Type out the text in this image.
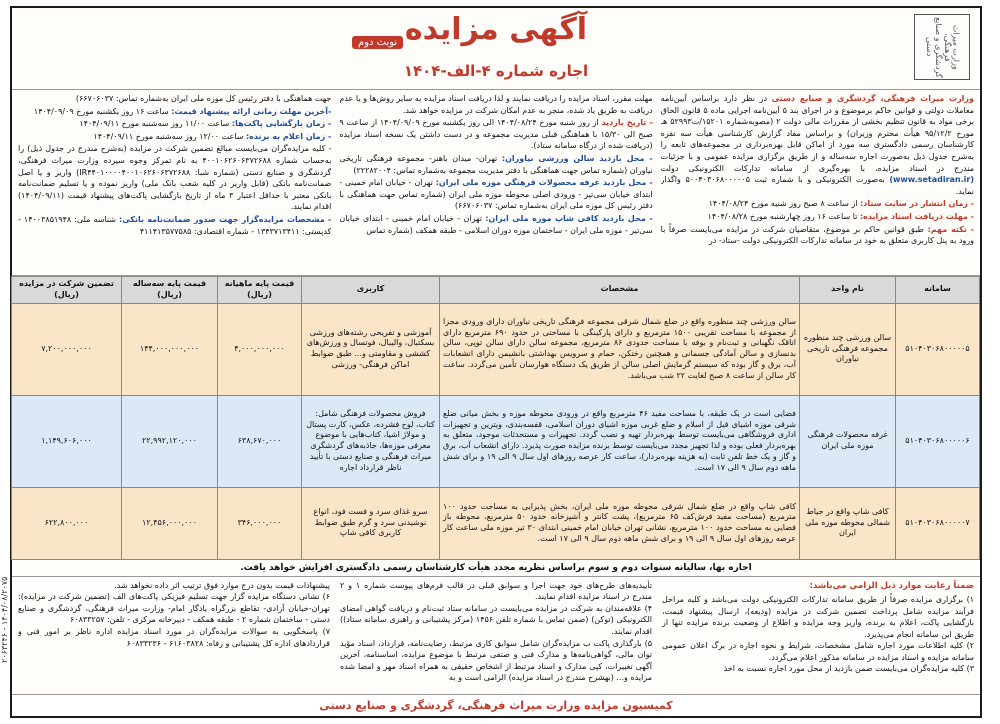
۲۰۶۳۲۴۶ - ۱۴۰۴/۰۸/۲۰۷۵
وزارت میراث فرهنگی، گردشگری و صنایع دستی
آگهی مزایده
نوبت دوم
اجاره شماره ۴-الف-۱۴۰۴

وزارت میراث فرهنگی، گردشگری و صنایع دستی در نظر دارد براساس آیین‌نامه معاملات دولتی و قوانین حاکم برموضوع و در اجرای بند ۵ آیین‌نامه اجرایی ماده ۵ قانون الحاق برخی مواد به قانون تنظیم بخشی از مقررات مالی دولت ۲ (مصوبه‌شماره ۱۵۲۰۱/ت۵۲۹۹۳ هـ مورخ ۹۵/۱۲/۲ هیأت محترم وزیران) و براساس مفاد گزارش کارشناسی هیأت سه نفره کارشناسان رسمی دادگستری سه مورد از اماکن قابل بهره‌برداری در مجموعه‌های تابعه را به‌شرح جدول ذیل به‌صورت اجاره سه‌ساله و از طریق برگزاری مزایده عمومی و با جزئیات مندرج در اسناد مزایده، با بهره‌گیری از سامانه تدارکات الکترونیکی دولت (www.setadiran.ir) به‌صورت الکترونیکی و با شماره ثبت ۵۰۰۴۰۳۰۶۸۰۰۰۰۰۵ واگذار نماید.

- زمان انتشار در سایت ستاد: از ساعت ۸ صبح روز شنبه مورخ ۱۴۰۴/۰۸/۲۴

- مهلت دریافت اسناد مزایده: تا ساعت ۱۶ روز چهارشنبه مورخ ۱۴۰۴/۰۸/۲۸

- نکته مهم: طبق قوانین حاکم بر موضوع، متقاضیان شرکت در مزایده می‌بایست صرفاً با ورود به پنل کاربری متعلق به خود در سامانه تدارکات الکترونیکی دولت -ستاد- در

مهلت مقرر، اسناد مزایده را دریافت نمایند و لذا دریافت اسناد مزایده به سایر روش‌ها و یا عدم دریافت به طریق یاد شده، منجر به عدم امکان شرکت در مزایده خواهد شد.

- تاریخ بازدید از روز شنبه مورخ ۱۴۰۴/۰۸/۲۴ الی روز یکشنبه مورخ ۱۴۰۴/۰۹/۰۹ از ساعت ۹ صبح الی ۱۵/۳۰ با هماهنگی قبلی مدیریت مجموعه و در دست داشتن یک نسخه اسناد مزایده (دریافت شده از درگاه سامانه ستاد).

- محل بازدید سالن ورزشی نیاوران: تهران- میدان باهنر- مجموعه فرهنگی تاریخی نیاوران (شماره تماس جهت هماهنگی با دفتر مدیریت مجموعه به‌شماره تماس: ۲۲۲۸۲۰۰۴)

- محل بازدید غرفه محصولات فرهنگی موزه ملی ایران: تهران - خیابان امام خمینی - ابتدای خیابان سی‌تیر - ورودی اصلی محوطه موزه ملی ایران (شماره تماس جهت هماهنگی با دفتر رئیس کل موزه ملی ایران به‌شماره تماس: ۶۶۷۰۶۰۳۷)

- محل بازدید کافی شاپ موزه ملی ایران: تهران - خیابان امام خمینی - ابتدای خیابان سی‌تیر - موزه ملی ایران - ساختمان موزه دوران اسلامی - طبقه همکف (شماره تماس

جهت هماهنگی با دفتر رئیس کل موزه ملی ایران به‌شماره تماس: ۶۶۷۰۶۰۳۷)

-آخرین مهلت زمانی ارائه پیشنهاد قیمت: ساعت ۱۶ روز یکشنبه مورخ ۱۴۰۴/۰۹/۰۹

- زمان بازگشایی پاکت‌ها: ساعت ۱۱/۰۰ روز سه‌شنبه مورخ ۱۴۰۴/۰۹/۱۱

- زمان اعلام به برنده: ساعت ۱۲/۰۰ روز سه‌شنبه مورخ ۱۴۰۴/۰۹/۱۱

- کلیه مزایده‌گران می‌بایست مبالغ تضمین شرکت در مزایده (به‌شرح مندرج در جدول ذیل) را به‌حساب شماره ۴۰۰۱۰۶۲۶۰۶۳۷۲۶۸۸ به نام تمرکز وجوه سپرده وزارت میراث فرهنگی، گردشگری و صنایع دستی (شماره شبا: IR۴۴۰۱۰۰۰۰۴۰۰۱۰۶۲۶۰۶۳۷۲۶۸۸) واریز و یا اصل ضمانت‌نامه بانکی (قابل واریز در کلیه شعب بانک ملی) واریز نموده و یا تسلیم ضمانت‌نامه بانکی معتبر با حداقل اعتبار ۳ ماه از تاریخ بازگشایی پاکت‌های پیشنهاد قیمت (۱۴۰۴/۰۹/۱۱) اقدام نمایند.

- مشخصات مزایده‌گزار جهت صدور ضمانت‌نامه بانکی: شناسه ملی: ۱۴۰۰۳۸۵۱۹۴۸ - کدپستی: ۱۳۴۳۷۱۳۴۱۱ - شماره اقتصادی: ۴۱۱۴۱۳۵۷۷۵۸۵

سامانه	نام واحد	مشخصات	کاربری	قیمت پایه ماهیانه (ریال)	قیمت پایه سه‌ساله (ریال)	تضمین شرکت در مزایده (ریال)
۵۱۰۴۰۳۰۶۸۰۰۰۰۰۵	سالن ورزشی چند منظوره مجموعه فرهنگی تاریخی نیاوران	سالن ورزشی چند منظوره واقع در ضلع شمال شرقی مجموعه فرهنگی تاریخی نیاوران دارای ورودی مجزا از مجموعه با مساحت تقریبی ۱۵۰۰ مترمربع و دارای پارکینگی با مساحتی در حدود ۶۹۰ مترمربع دارای اتاقک نگهبانی و ثبت‌نام و بوفه با مساحت حدودی ۸۶ مترمربع، مجموعه سالن دارای سالن توپی، سالن بدنسازی و سالن آمادگی جسمانی و همچنین رختکن، حمام و سرویس بهداشتی بانشیمن دارای انشعابات آب، برق و گاز بوده که سیستم گرمایش اصلی سالن از طریق یک دستگاه هوارسان تأمین می‌گردد. ساعت کار سالن از ساعت ۸ صبح لغایت ۲۲ شب می‌باشد.	آموزشی و تفریحی رشته‌های ورزشی بسکتبال، والیبال، فوتسال و ورزش‌های کششی و مقاومتی و... طبق ضوابط اماکن فرهنگی- ورزشی	۴,۰۰۰,۰۰۰,۰۰۰	۱۴۴,۰۰۰,۰۰۰,۰۰۰	۷,۲۰۰,۰۰۰,۰۰۰
۵۱۰۴۰۳۰۶۸۰۰۰۰۰۶	غرفه محصولات فرهنگی موزه ملی ایران	فضایی است در یک طبقه، با مساحت مفید ۴۶ مترمربع واقع در ورودی محوطه موزه و بخش میانی ضلع شرقی موزه اشیای قبل از اسلام و ضلع غربی موزه اشیای دوران اسلامی، قفسه‌بندی، ویترین و تجهیزات اداری فروشگاهی می‌بایست توسط بهره‌بردار تهیه و نصب گردد. تجهیزات و مستحدثات موجود، متعلق به بهره‌بردار فعلی بوده و لذا تجهیز مجدد می‌بایست توسط برنده مزایده صورت پذیرد. دارای انشعاب آب، برق و گاز و یک خط تلفن ثابت (به هزینه بهره‌بردار)، ساعت کار عرصه روزهای اول سال ۹ الی ۱۹ و برای شش ماهه دوم سال ۹ الی ۱۷ است.	فروش محصولات فرهنگی شامل: کتاب، لوح فشرده، عکس، کارت پستال و مولاژ اشیا، کتاب‌هایی با موضوع معرفی موزه‌ها، جاذبه‌های گردشگری میراث فرهنگی و صنایع دستی با تأیید ناظر قرارداد اجاره	۶۳۸,۶۷۰,۰۰۰	۲۲,۹۹۲,۱۲۰,۰۰۰	۱,۱۴۹,۶۰۶,۰۰۰
۵۱۰۴۰۳۰۶۸۰۰۰۰۰۷	کافی شاپ واقع در حیاط شمالی محوطه موزه ملی ایران	کافی شاپ واقع در ضلع شمال شرقی محوطه موزه ملی ایران، بخش پذیرایی به مساحت حدود ۱۰۰ مترمربع (مساحت مفید فرش‌کف ۶۵ مترمربع)، پشت کانتر و آشپزخانه حدود ۵۰ مترمربع، محوطه باز فضایی به مساحت حدود ۱۰۰ مترمربع، نشانی تهران خیابان امام خمینی ابتدای ۳۰ تیر موزه ملی ساعت کار عرصه روزهای اول سال ۹ الی ۱۹ و برای شش ماهه دوم سال ۹ الی ۱۷ است.	سرو غذای سرد و فست فود، انواع نوشیدنی سرد و گرم طبق ضوابط کاربری کافی شاپ	۳۴۶,۰۰۰,۰۰۰	۱۲,۴۵۶,۰۰۰,۰۰۰	۶۲۲,۸۰۰,۰۰۰
اجاره بها، سالیانه سنوات دوم و سوم براساس نظریه مجدد هیأت کارشناسان رسمی دادگستری افزایش خواهد یافت.
ضمناً رعایت موارد ذیل الزامی می‌باشد:
۱) برگزاری مزایده صرفاً از طریق سامانه تدارکات الکترونیکی دولت می‌باشد و کلیه مراحل فرآیند مزایده شامل پرداخت تضمین شرکت در مزایده (ودیعه)، ارسال پیشنهاد قیمت، بازگشایی پاکت، اعلام به برنده، واریز وجه مزایده و اطلاع از وضعیت برنده مزایده تنها از طریق این سامانه انجام می‌پذیرد.
۲) کلیه اطلاعات مورد اجاره شامل مشخصات، شرایط و نحوه اجاره در برگ اعلان عمومی سامانه مزایده و اسناد مزایده در سامانه مذکور اعلام می‌گردد.
۳) کلیه مزایده‌گران می‌بایست ضمن بازدید از محل مورد اجاره نسبت به اخذ
تأییدیه‌های طرح‌های خود جهت اجرا و سوابق قبلی در قالب فرم‌های پیوست شماره ۱ و ۲ مندرج در اسناد مزایده اقدام نمایند.
۴) علاقه‌مندان به شرکت در مزایده می‌بایست در سامانه ستاد ثبت‌نام و دریافت گواهی امضای الکترونیکی (توکن) (ضمن تماس با شماره تلفن ۱۴۵۶ (مرکز پشتیبانی و راهبری سامانه ستاد)) اقدام نمایند.
۵) بارگذاری پاکت ب مزایده‌گران شامل سوابق کاری مرتبط، رضایت‌نامه، قرارداد، اسناد مؤید توان مالی، گواهی‌نامه‌ها و مدارک فنی و صنفی مرتبط با موضوع مزایده، اساسنامه، آخرین آگهی تغییرات، کپی مدارک و اسناد مرتبط از اشخاص حقیقی به همراه اسناد مهر و امضا شده مزایده و... (بهشرح مندرج در اسناد مزایده) الزامی است و به
پیشنهادات قیمت بدون درج موارد فوق ترتیب اثر داده نخواهد شد.
۶) نشانی دستگاه مزایده گزار جهت تسلیم فیزیکی پاکت‌های الف (تضمین شرکت در مزایده): تهران-خیابان آزادی- تقاطع بزرگراه یادگار امام- وزارت میراث فرهنگی، گردشگری و صنایع دستی - ساختمان شماره ۲ - طبقه همکف - دبیرخانه مرکزی - تلفن: ۶۰۸۳۳۲۵۷
۷) پاسخگویی به سوالات مزایده‌گران در مورد اسناد مزایده اداره ناظر بر امور فنی و قراردادهای اداره کل پشتیبانی و رفاه: ۶۱۶۰۳۸۲۸ - ۶۰۸۳۳۲۳۶
کمیسیون مزایده وزارت میراث فرهنگی، گردشگری و صنایع دستی
